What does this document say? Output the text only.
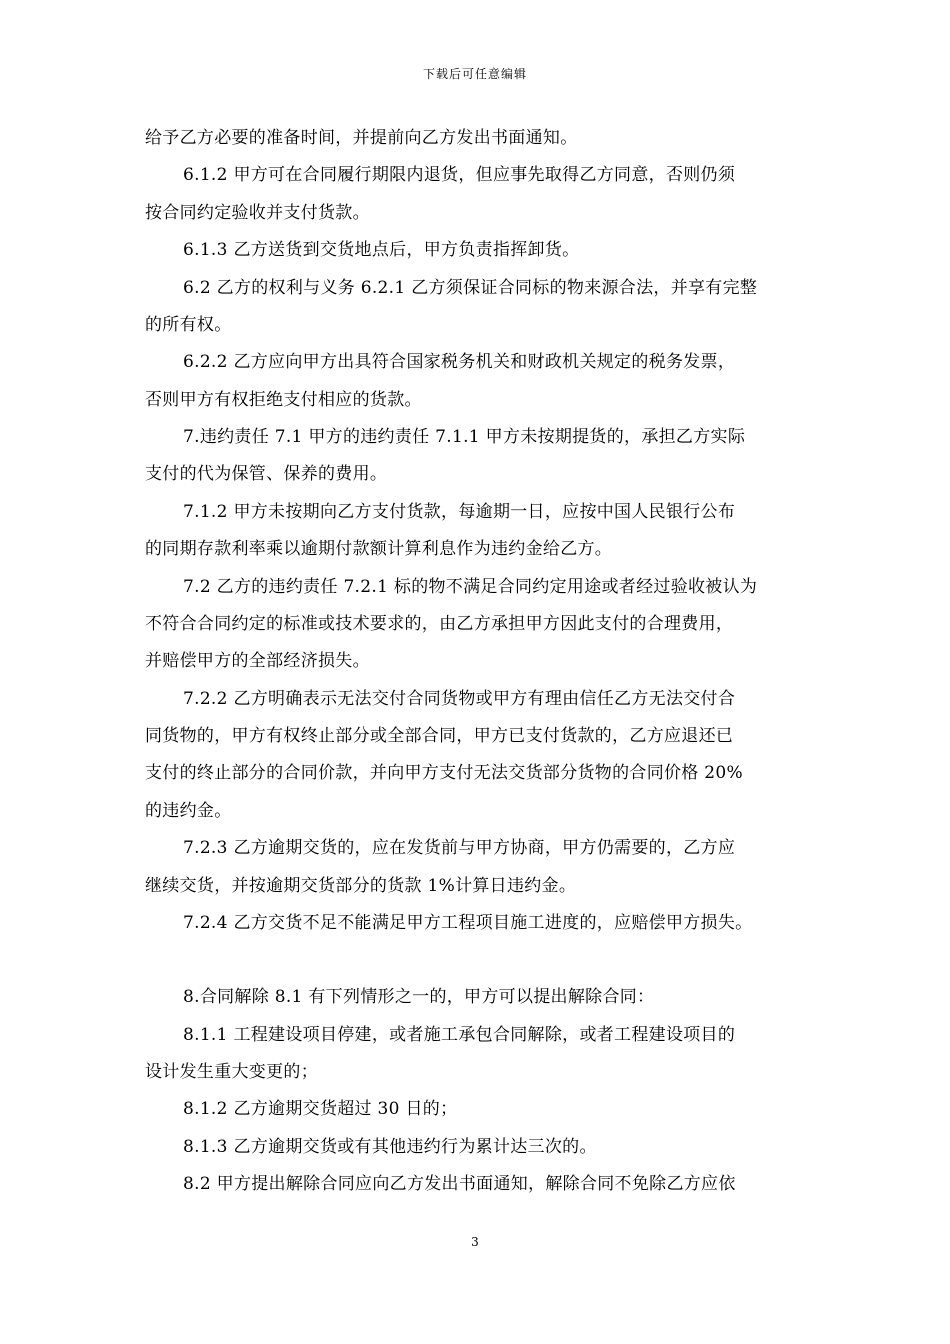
下载后可任意编辑
给予乙方必要的准备时间，并提前向乙方发出书面通知。
6.1.2 甲方可在合同履行期限内退货，但应事先取得乙方同意，否则仍须
按合同约定验收并支付货款。
6.1.3 乙方送货到交货地点后，甲方负责指挥卸货。
6.2 乙方的权利与义务 6.2.1 乙方须保证合同标的物来源合法，并享有完整
的所有权。
6.2.2 乙方应向甲方出具符合国家税务机关和财政机关规定的税务发票，
否则甲方有权拒绝支付相应的货款。
7.违约责任 7.1 甲方的违约责任 7.1.1 甲方未按期提货的，承担乙方实际
支付的代为保管、保养的费用。
7.1.2 甲方未按期向乙方支付货款，每逾期一日，应按中国人民银行公布
的同期存款利率乘以逾期付款额计算利息作为违约金给乙方。
7.2 乙方的违约责任 7.2.1 标的物不满足合同约定用途或者经过验收被认为
不符合合同约定的标准或技术要求的，由乙方承担甲方因此支付的合理费用，
并赔偿甲方的全部经济损失。
7.2.2 乙方明确表示无法交付合同货物或甲方有理由信任乙方无法交付合
同货物的，甲方有权终止部分或全部合同，甲方已支付货款的，乙方应退还已
支付的终止部分的合同价款，并向甲方支付无法交货部分货物的合同价格 20%
的违约金。
7.2.3 乙方逾期交货的，应在发货前与甲方协商，甲方仍需要的，乙方应
继续交货，并按逾期交货部分的货款 1%计算日违约金。
7.2.4 乙方交货不足不能满足甲方工程项目施工进度的，应赔偿甲方损失。
8.合同解除 8.1 有下列情形之一的，甲方可以提出解除合同：
8.1.1 工程建设项目停建，或者施工承包合同解除，或者工程建设项目的
设计发生重大变更的；
8.1.2 乙方逾期交货超过 30 日的；
8.1.3 乙方逾期交货或有其他违约行为累计达三次的。
8.2 甲方提出解除合同应向乙方发出书面通知，解除合同不免除乙方应依
3
